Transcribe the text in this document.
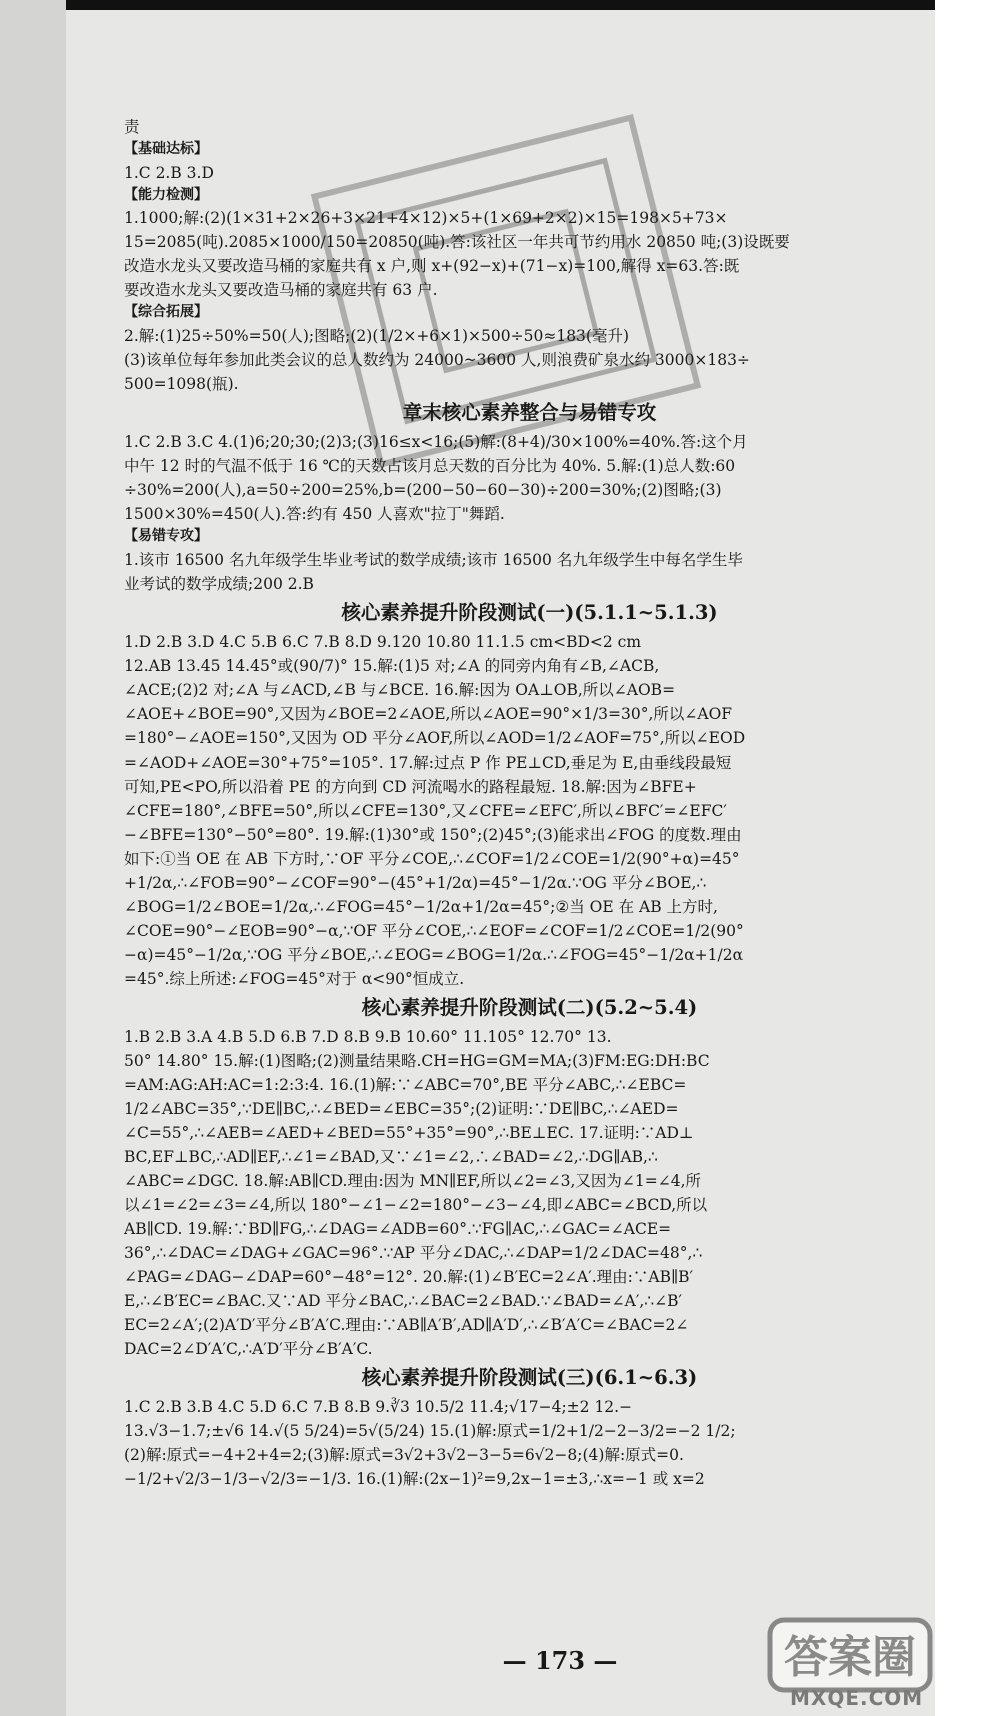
责
【基础达标】
1.C 2.B 3.D
【能力检测】
1.1000;解:(2)(1×31+2×26+3×21+4×12)×5+(1×69+2×2)×15=198×5+73×
15=2085(吨).2085×1000/150=20850(吨).答:该社区一年共可节约用水 20850 吨;(3)设既要
改造水龙头又要改造马桶的家庭共有 x 户,则 x+(92−x)+(71−x)=100,解得 x=63.答:既
要改造水龙头又要改造马桶的家庭共有 63 户.
【综合拓展】
2.解:(1)25÷50%=50(人);图略;(2)(1/2×+6×1)×500÷50≈183(毫升)
(3)该单位每年参加此类会议的总人数约为 24000~3600 人,则浪费矿泉水约 3000×183÷
500=1098(瓶).
章末核心素养整合与易错专攻
1.C 2.B 3.C 4.(1)6;20;30;(2)3;(3)16≤x<16;(5)解:(8+4)/30×100%=40%.答:这个月
中午 12 时的气温不低于 16 ℃的天数占该月总天数的百分比为 40%. 5.解:(1)总人数:60
÷30%=200(人),a=50÷200=25%,b=(200−50−60−30)÷200=30%;(2)图略;(3)
1500×30%=450(人).答:约有 450 人喜欢"拉丁"舞蹈.
【易错专攻】
1.该市 16500 名九年级学生毕业考试的数学成绩;该市 16500 名九年级学生中每名学生毕
业考试的数学成绩;200 2.B
核心素养提升阶段测试(一)(5.1.1~5.1.3)
1.D 2.B 3.D 4.C 5.B 6.C 7.B 8.D 9.120 10.80 11.1.5 cm<BD<2 cm
12.AB 13.45 14.45°或(90/7)° 15.解:(1)5 对;∠A 的同旁内角有∠B,∠ACB,
∠ACE;(2)2 对;∠A 与∠ACD,∠B 与∠BCE. 16.解:因为 OA⊥OB,所以∠AOB=
∠AOE+∠BOE=90°,又因为∠BOE=2∠AOE,所以∠AOE=90°×1/3=30°,所以∠AOF
=180°−∠AOE=150°,又因为 OD 平分∠AOF,所以∠AOD=1/2∠AOF=75°,所以∠EOD
=∠AOD+∠AOE=30°+75°=105°. 17.解:过点 P 作 PE⊥CD,垂足为 E,由垂线段最短
可知,PE<PO,所以沿着 PE 的方向到 CD 河流喝水的路程最短. 18.解:因为∠BFE+
∠CFE=180°,∠BFE=50°,所以∠CFE=130°,又∠CFE=∠EFC′,所以∠BFC′=∠EFC′
−∠BFE=130°−50°=80°. 19.解:(1)30°或 150°;(2)45°;(3)能求出∠FOG 的度数.理由
如下:①当 OE 在 AB 下方时,∵OF 平分∠COE,∴∠COF=1/2∠COE=1/2(90°+α)=45°
+1/2α,∴∠FOB=90°−∠COF=90°−(45°+1/2α)=45°−1/2α.∵OG 平分∠BOE,∴
∠BOG=1/2∠BOE=1/2α,∴∠FOG=45°−1/2α+1/2α=45°;②当 OE 在 AB 上方时,
∠COE=90°−∠EOB=90°−α,∵OF 平分∠COE,∴∠EOF=∠COF=1/2∠COE=1/2(90°
−α)=45°−1/2α,∵OG 平分∠BOE,∴∠EOG=∠BOG=1/2α.∴∠FOG=45°−1/2α+1/2α
=45°.综上所述:∠FOG=45°对于 α<90°恒成立.
核心素养提升阶段测试(二)(5.2~5.4)
1.B 2.B 3.A 4.B 5.D 6.B 7.D 8.B 9.B 10.60° 11.105° 12.70° 13.
50° 14.80° 15.解:(1)图略;(2)测量结果略.CH=HG=GM=MA;(3)FM:EG:DH:BC
=AM:AG:AH:AC=1:2:3:4. 16.(1)解:∵∠ABC=70°,BE 平分∠ABC,∴∠EBC=
1/2∠ABC=35°,∵DE∥BC,∴∠BED=∠EBC=35°;(2)证明:∵DE∥BC,∴∠AED=
∠C=55°,∴∠AEB=∠AED+∠BED=55°+35°=90°,∴BE⊥EC. 17.证明:∵AD⊥
BC,EF⊥BC,∴AD∥EF,∴∠1=∠BAD,又∵∠1=∠2,∴∠BAD=∠2,∴DG∥AB,∴
∠ABC=∠DGC. 18.解:AB∥CD.理由:因为 MN∥EF,所以∠2=∠3,又因为∠1=∠4,所
以∠1=∠2=∠3=∠4,所以 180°−∠1−∠2=180°−∠3−∠4,即∠ABC=∠BCD,所以
AB∥CD. 19.解:∵BD∥FG,∴∠DAG=∠ADB=60°.∵FG∥AC,∴∠GAC=∠ACE=
36°,∴∠DAC=∠DAG+∠GAC=96°.∵AP 平分∠DAC,∴∠DAP=1/2∠DAC=48°,∴
∠PAG=∠DAG−∠DAP=60°−48°=12°. 20.解:(1)∠B′EC=2∠A′.理由:∵AB∥B′
E,∴∠B′EC=∠BAC.又∵AD 平分∠BAC,∴∠BAC=2∠BAD.∵∠BAD=∠A′,∴∠B′
EC=2∠A′;(2)A′D′平分∠B′A′C.理由:∵AB∥A′B′,AD∥A′D′,∴∠B′A′C=∠BAC=2∠
DAC=2∠D′A′C,∴A′D′平分∠B′A′C.
核心素养提升阶段测试(三)(6.1~6.3)
1.C 2.B 3.B 4.C 5.D 6.C 7.B 8.B 9.∛3 10.5/2 11.4;√17−4;±2 12.−
13.√3−1.7;±√6 14.√(5 5/24)=5√(5/24) 15.(1)解:原式=1/2+1/2−2−3/2=−2 1/2;
(2)解:原式=−4+2+4=2;(3)解:原式=3√2+3√2−3−5=6√2−8;(4)解:原式=0.
−1/2+√2/3−1/3−√2/3=−1/3. 16.(1)解:(2x−1)²=9,2x−1=±3,∴x=−1 或 x=2
— 173 —	答案圈
MXQE.COM
